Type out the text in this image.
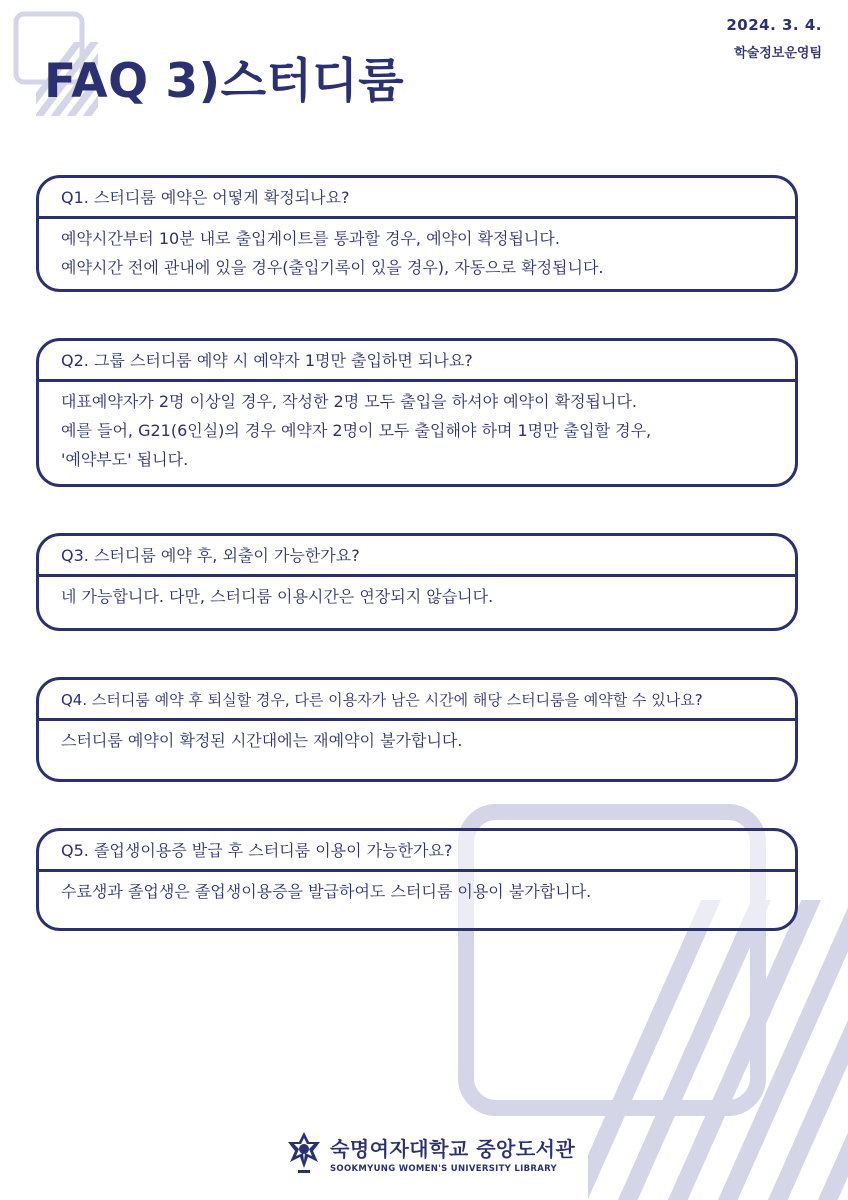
2024. 3. 4.
학술정보운영팀
FAQ 3)스터디룸
Q1. 스터디룸 예약은 어떻게 확정되나요?
예약시간부터 10분 내로 출입게이트를 통과할 경우, 예약이 확정됩니다.
예약시간 전에 관내에 있을 경우(출입기록이 있을 경우), 자동으로 확정됩니다.
Q2. 그룹 스터디룸 예약 시 예약자 1명만 출입하면 되나요?
대표예약자가 2명 이상일 경우, 작성한 2명 모두 출입을 하셔야 예약이 확정됩니다.
예를 들어, G21(6인실)의 경우 예약자 2명이 모두 출입해야 하며 1명만 출입할 경우,
'예약부도' 됩니다.
Q3. 스터디룸 예약 후, 외출이 가능한가요?
네 가능합니다. 다만, 스터디룸 이용시간은 연장되지 않습니다.
Q4. 스터디룸 예약 후 퇴실할 경우, 다른 이용자가 남은 시간에 해당 스터디룸을 예약할 수 있나요?
스터디룸 예약이 확정된 시간대에는 재예약이 불가합니다.
Q5. 졸업생이용증 발급 후 스터디룸 이용이 가능한가요?
수료생과 졸업생은 졸업생이용증을 발급하여도 스터디룸 이용이 불가합니다.
숙명여자대학교 중앙도서관
SOOKMYUNG WOMEN'S UNIVERSITY LIBRARY
